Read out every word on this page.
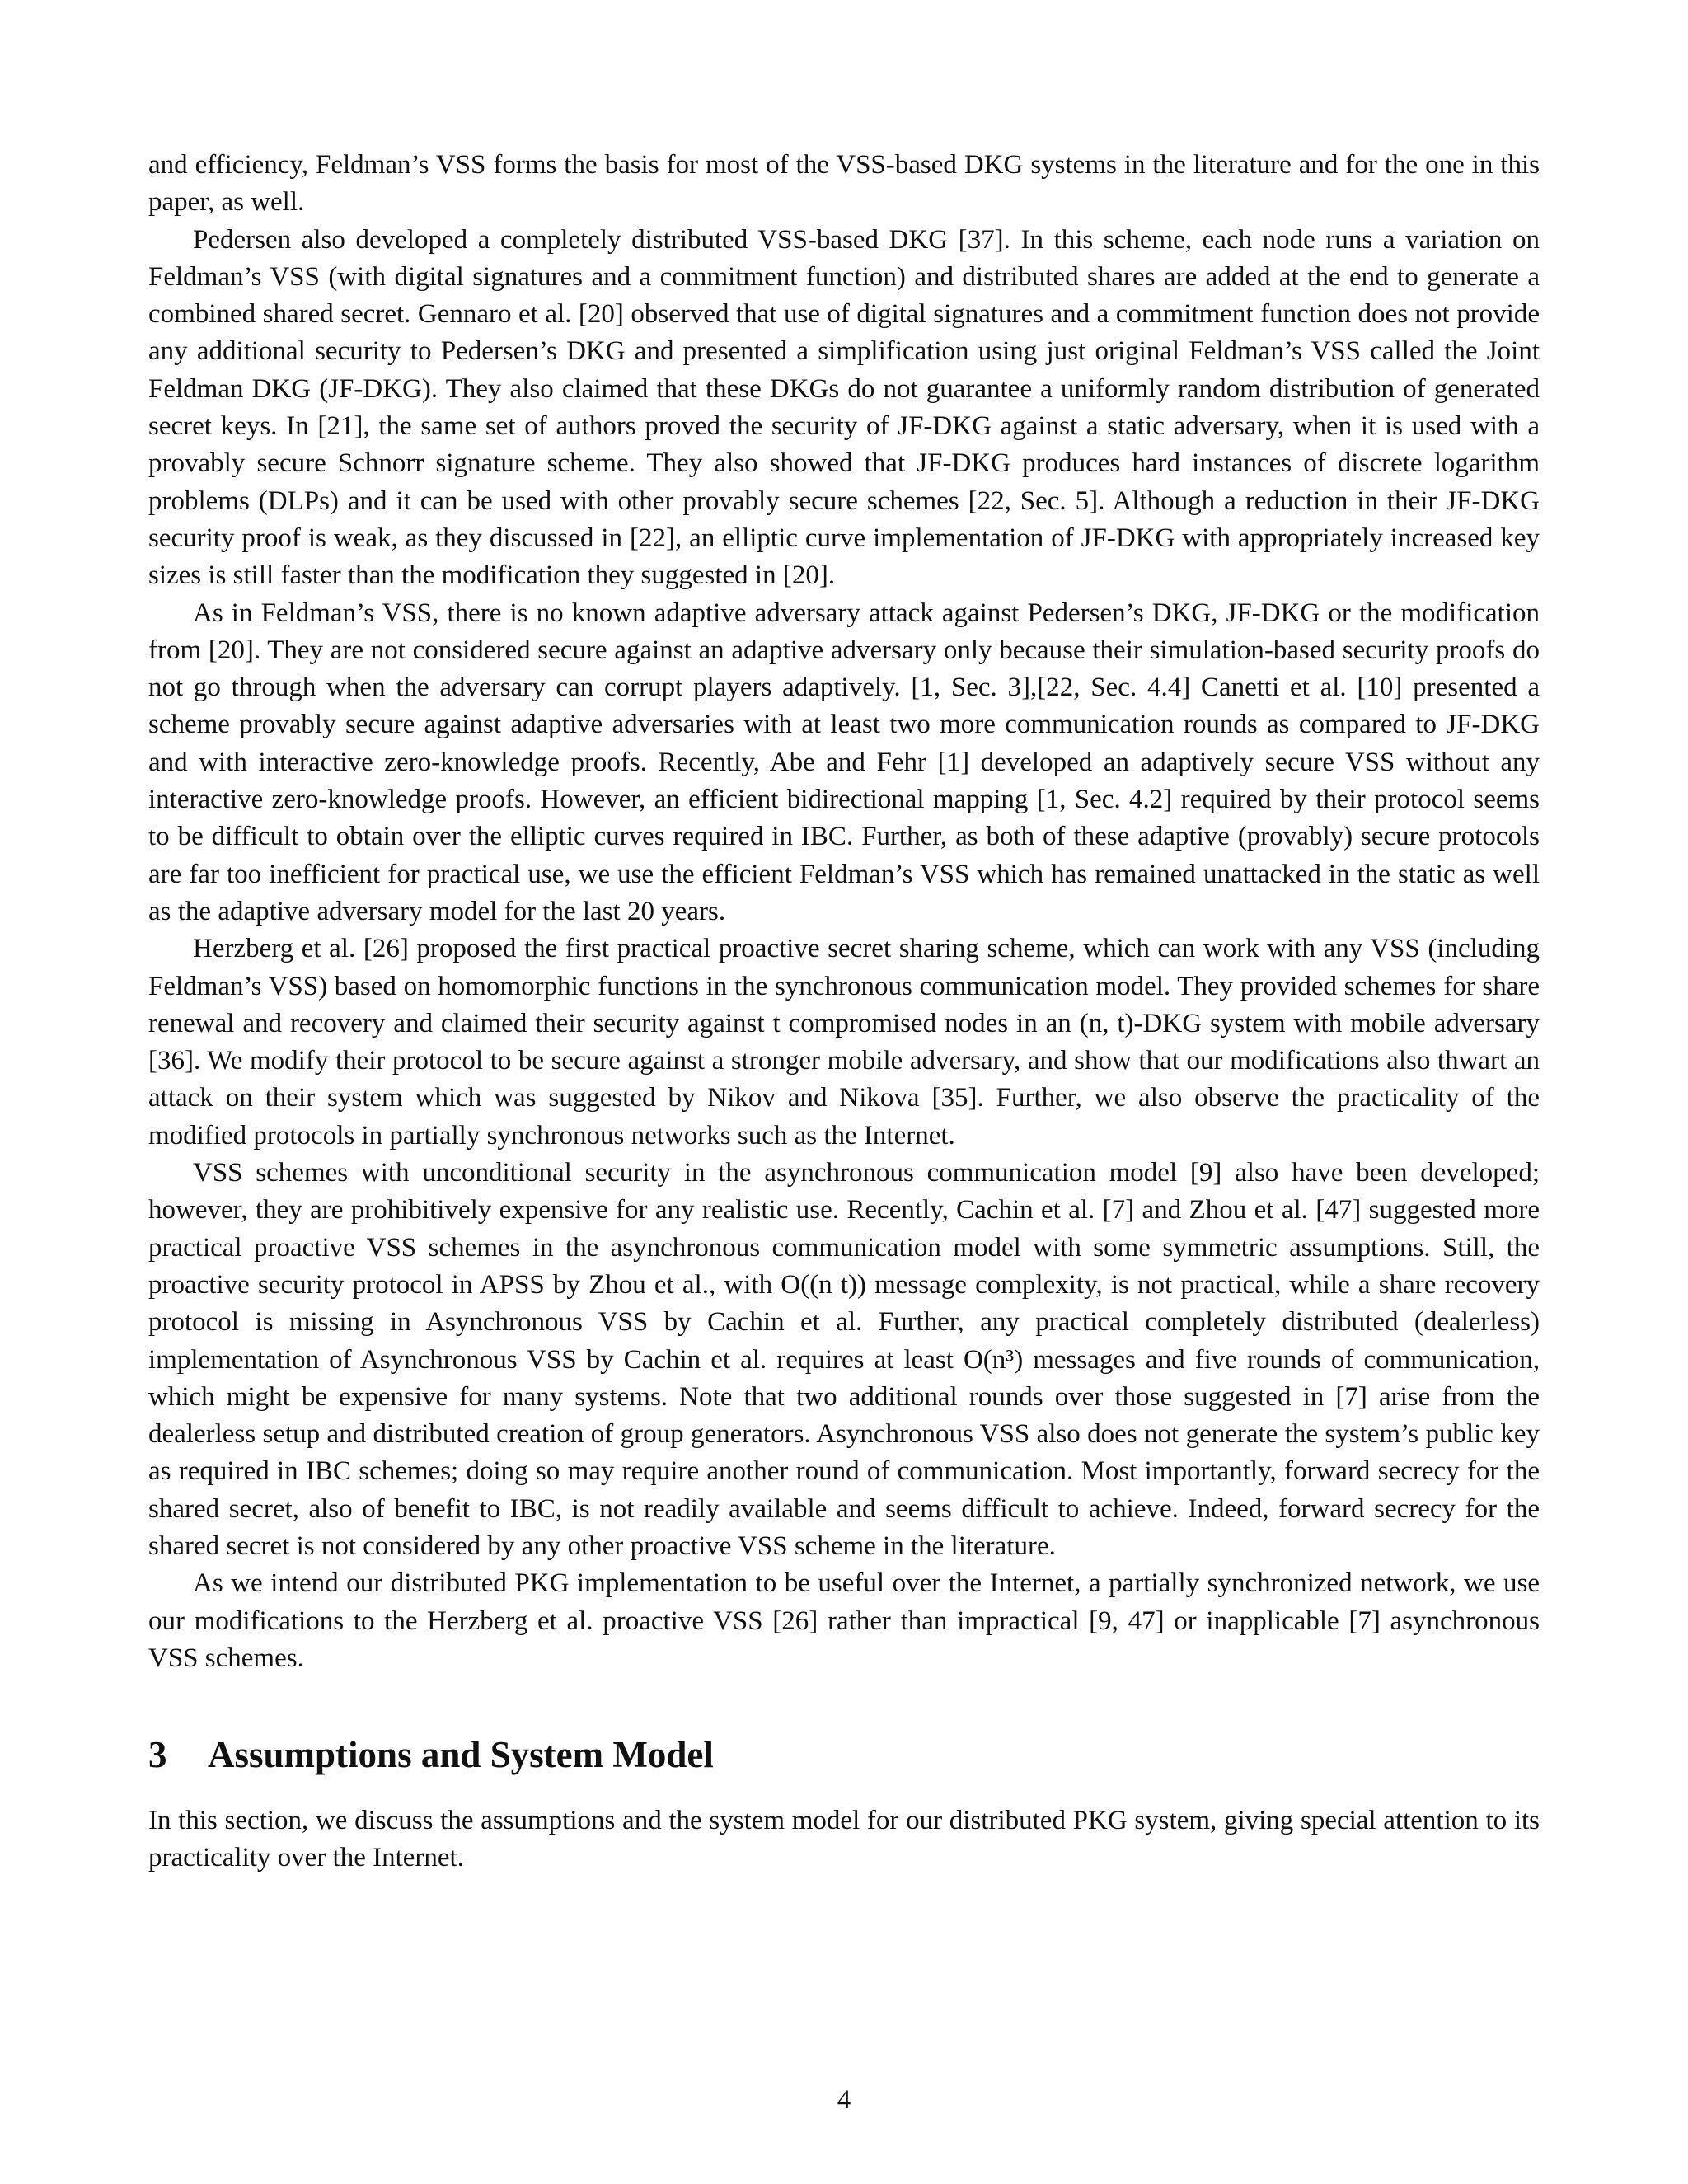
and efficiency, Feldman’s VSS forms the basis for most of the VSS-based DKG systems in the literature and for the one in this paper, as well.

Pedersen also developed a completely distributed VSS-based DKG [37]. In this scheme, each node runs a variation on Feldman’s VSS (with digital signatures and a commitment function) and distributed shares are added at the end to generate a combined shared secret. Gennaro et al. [20] observed that use of digital signatures and a commitment function does not provide any additional security to Pedersen’s DKG and presented a simplification using just original Feldman’s VSS called the Joint Feldman DKG (JF-DKG). They also claimed that these DKGs do not guarantee a uniformly random distribution of generated secret keys. In [21], the same set of authors proved the security of JF-DKG against a static adversary, when it is used with a provably secure Schnorr signature scheme. They also showed that JF-DKG produces hard instances of discrete logarithm problems (DLPs) and it can be used with other provably secure schemes [22, Sec. 5]. Although a reduction in their JF-DKG security proof is weak, as they discussed in [22], an elliptic curve implementation of JF-DKG with appropriately increased key sizes is still faster than the modification they suggested in [20].

As in Feldman’s VSS, there is no known adaptive adversary attack against Pedersen’s DKG, JF-DKG or the modification from [20]. They are not considered secure against an adaptive adversary only because their simulation-based security proofs do not go through when the adversary can corrupt players adaptively. [1, Sec. 3],[22, Sec. 4.4] Canetti et al. [10] presented a scheme provably secure against adaptive adversaries with at least two more communication rounds as compared to JF-DKG and with interactive zero-knowledge proofs. Recently, Abe and Fehr [1] developed an adaptively secure VSS without any interactive zero-knowledge proofs. However, an efficient bidirectional mapping [1, Sec. 4.2] required by their protocol seems to be difficult to obtain over the elliptic curves required in IBC. Further, as both of these adaptive (provably) secure protocols are far too inefficient for practical use, we use the efficient Feldman’s VSS which has remained unattacked in the static as well as the adaptive adversary model for the last 20 years.

Herzberg et al. [26] proposed the first practical proactive secret sharing scheme, which can work with any VSS (including Feldman’s VSS) based on homomorphic functions in the synchronous communication model. They provided schemes for share renewal and recovery and claimed their security against t compromised nodes in an (n, t)-DKG system with mobile adversary [36]. We modify their protocol to be secure against a stronger mobile adversary, and show that our modifications also thwart an attack on their system which was suggested by Nikov and Nikova [35]. Further, we also observe the practicality of the modified protocols in partially synchronous networks such as the Internet.

VSS schemes with unconditional security in the asynchronous communication model [9] also have been developed; however, they are prohibitively expensive for any realistic use. Recently, Cachin et al. [7] and Zhou et al. [47] suggested more practical proactive VSS schemes in the asynchronous communication model with some symmetric assumptions. Still, the proactive security protocol in APSS by Zhou et al., with O((n t)) message complexity, is not practical, while a share recovery protocol is missing in Asynchronous VSS by Cachin et al. Further, any practical completely distributed (dealerless) implementation of Asynchronous VSS by Cachin et al. requires at least O(n³) messages and five rounds of communication, which might be expensive for many systems. Note that two additional rounds over those suggested in [7] arise from the dealerless setup and distributed creation of group generators. Asynchronous VSS also does not generate the system’s public key as required in IBC schemes; doing so may require another round of communication. Most importantly, forward secrecy for the shared secret, also of benefit to IBC, is not readily available and seems difficult to achieve. Indeed, forward secrecy for the shared secret is not considered by any other proactive VSS scheme in the literature.

As we intend our distributed PKG implementation to be useful over the Internet, a partially synchronized network, we use our modifications to the Herzberg et al. proactive VSS [26] rather than impractical [9, 47] or inapplicable [7] asynchronous VSS schemes.

3 Assumptions and System Model

In this section, we discuss the assumptions and the system model for our distributed PKG system, giving special attention to its practicality over the Internet.

4
